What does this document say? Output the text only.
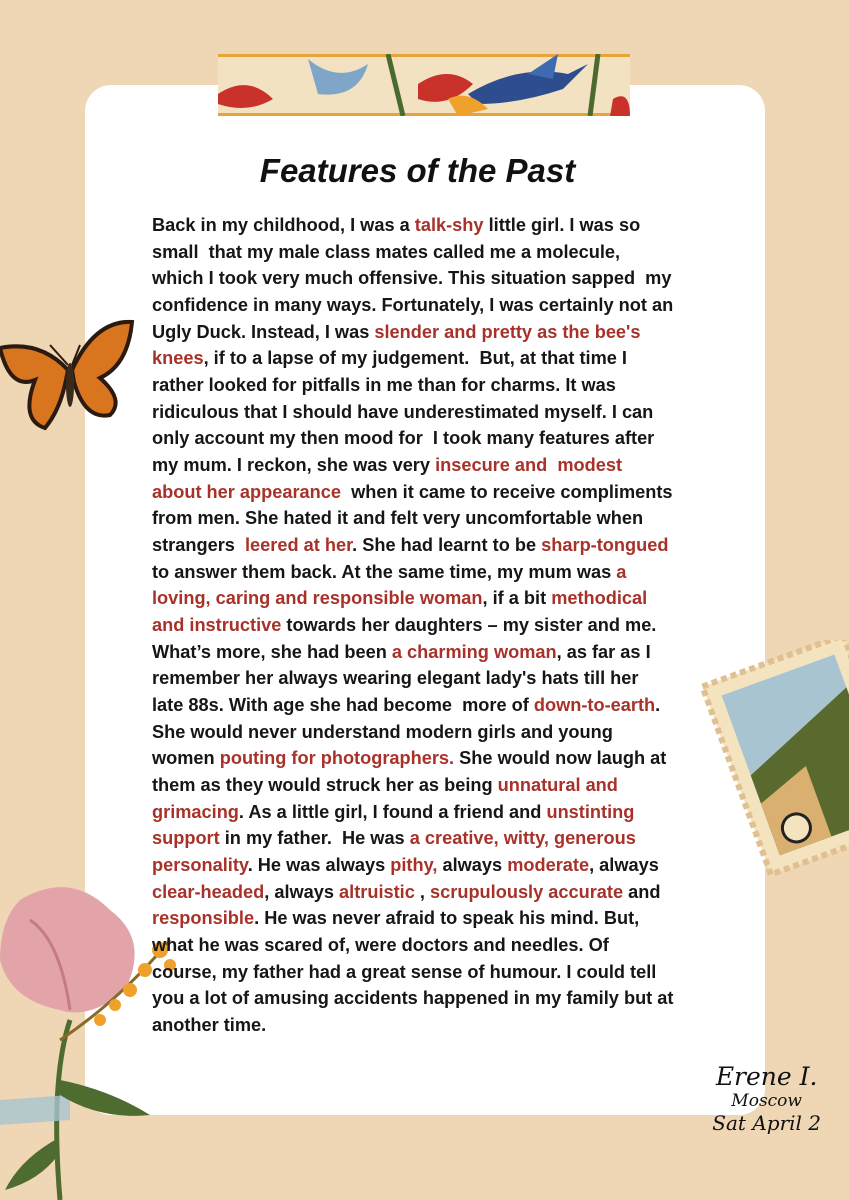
Features of the Past
Back in my childhood, I was a talk-shy little girl. I was so
small  that my male class mates called me a molecule,
which I took very much offensive. This situation sapped  my
confidence in many ways. Fortunately, I was certainly not an
Ugly Duck. Instead, I was slender and pretty as the bee's
knees, if to a lapse of my judgement.  But, at that time I
rather looked for pitfalls in me than for charms. It was
ridiculous that I should have underestimated myself. I can
only account my then mood for  I took many features after
my mum. I reckon, she was very insecure and  modest
about her appearance  when it came to receive compliments
from men. She hated it and felt very uncomfortable when
strangers  leered at her. She had learnt to be sharp-tongued
to answer them back. At the same time, my mum was a
loving, caring and responsible woman, if a bit methodical
and instructive towards her daughters – my sister and me.
What’s more, she had been a charming woman, as far as I
remember her always wearing elegant lady's hats till her
late 88s. With age she had become  more of down-to-earth.
She would never understand modern girls and young
women pouting for photographers. She would now laugh at
them as they would struck her as being unnatural and
grimacing. As a little girl, I found a friend and unstinting
support in my father.  He was a creative, witty, generous
personality. He was always pithy, always moderate, always
clear-headed, always altruistic , scrupulously accurate and
responsible. He was never afraid to speak his mind. But,
what he was scared of, were doctors and needles. Of
course, my father had a great sense of humour. I could tell
you a lot of amusing accidents happened in my family but at
another time.
Erene I.
Moscow
Sat April 2
